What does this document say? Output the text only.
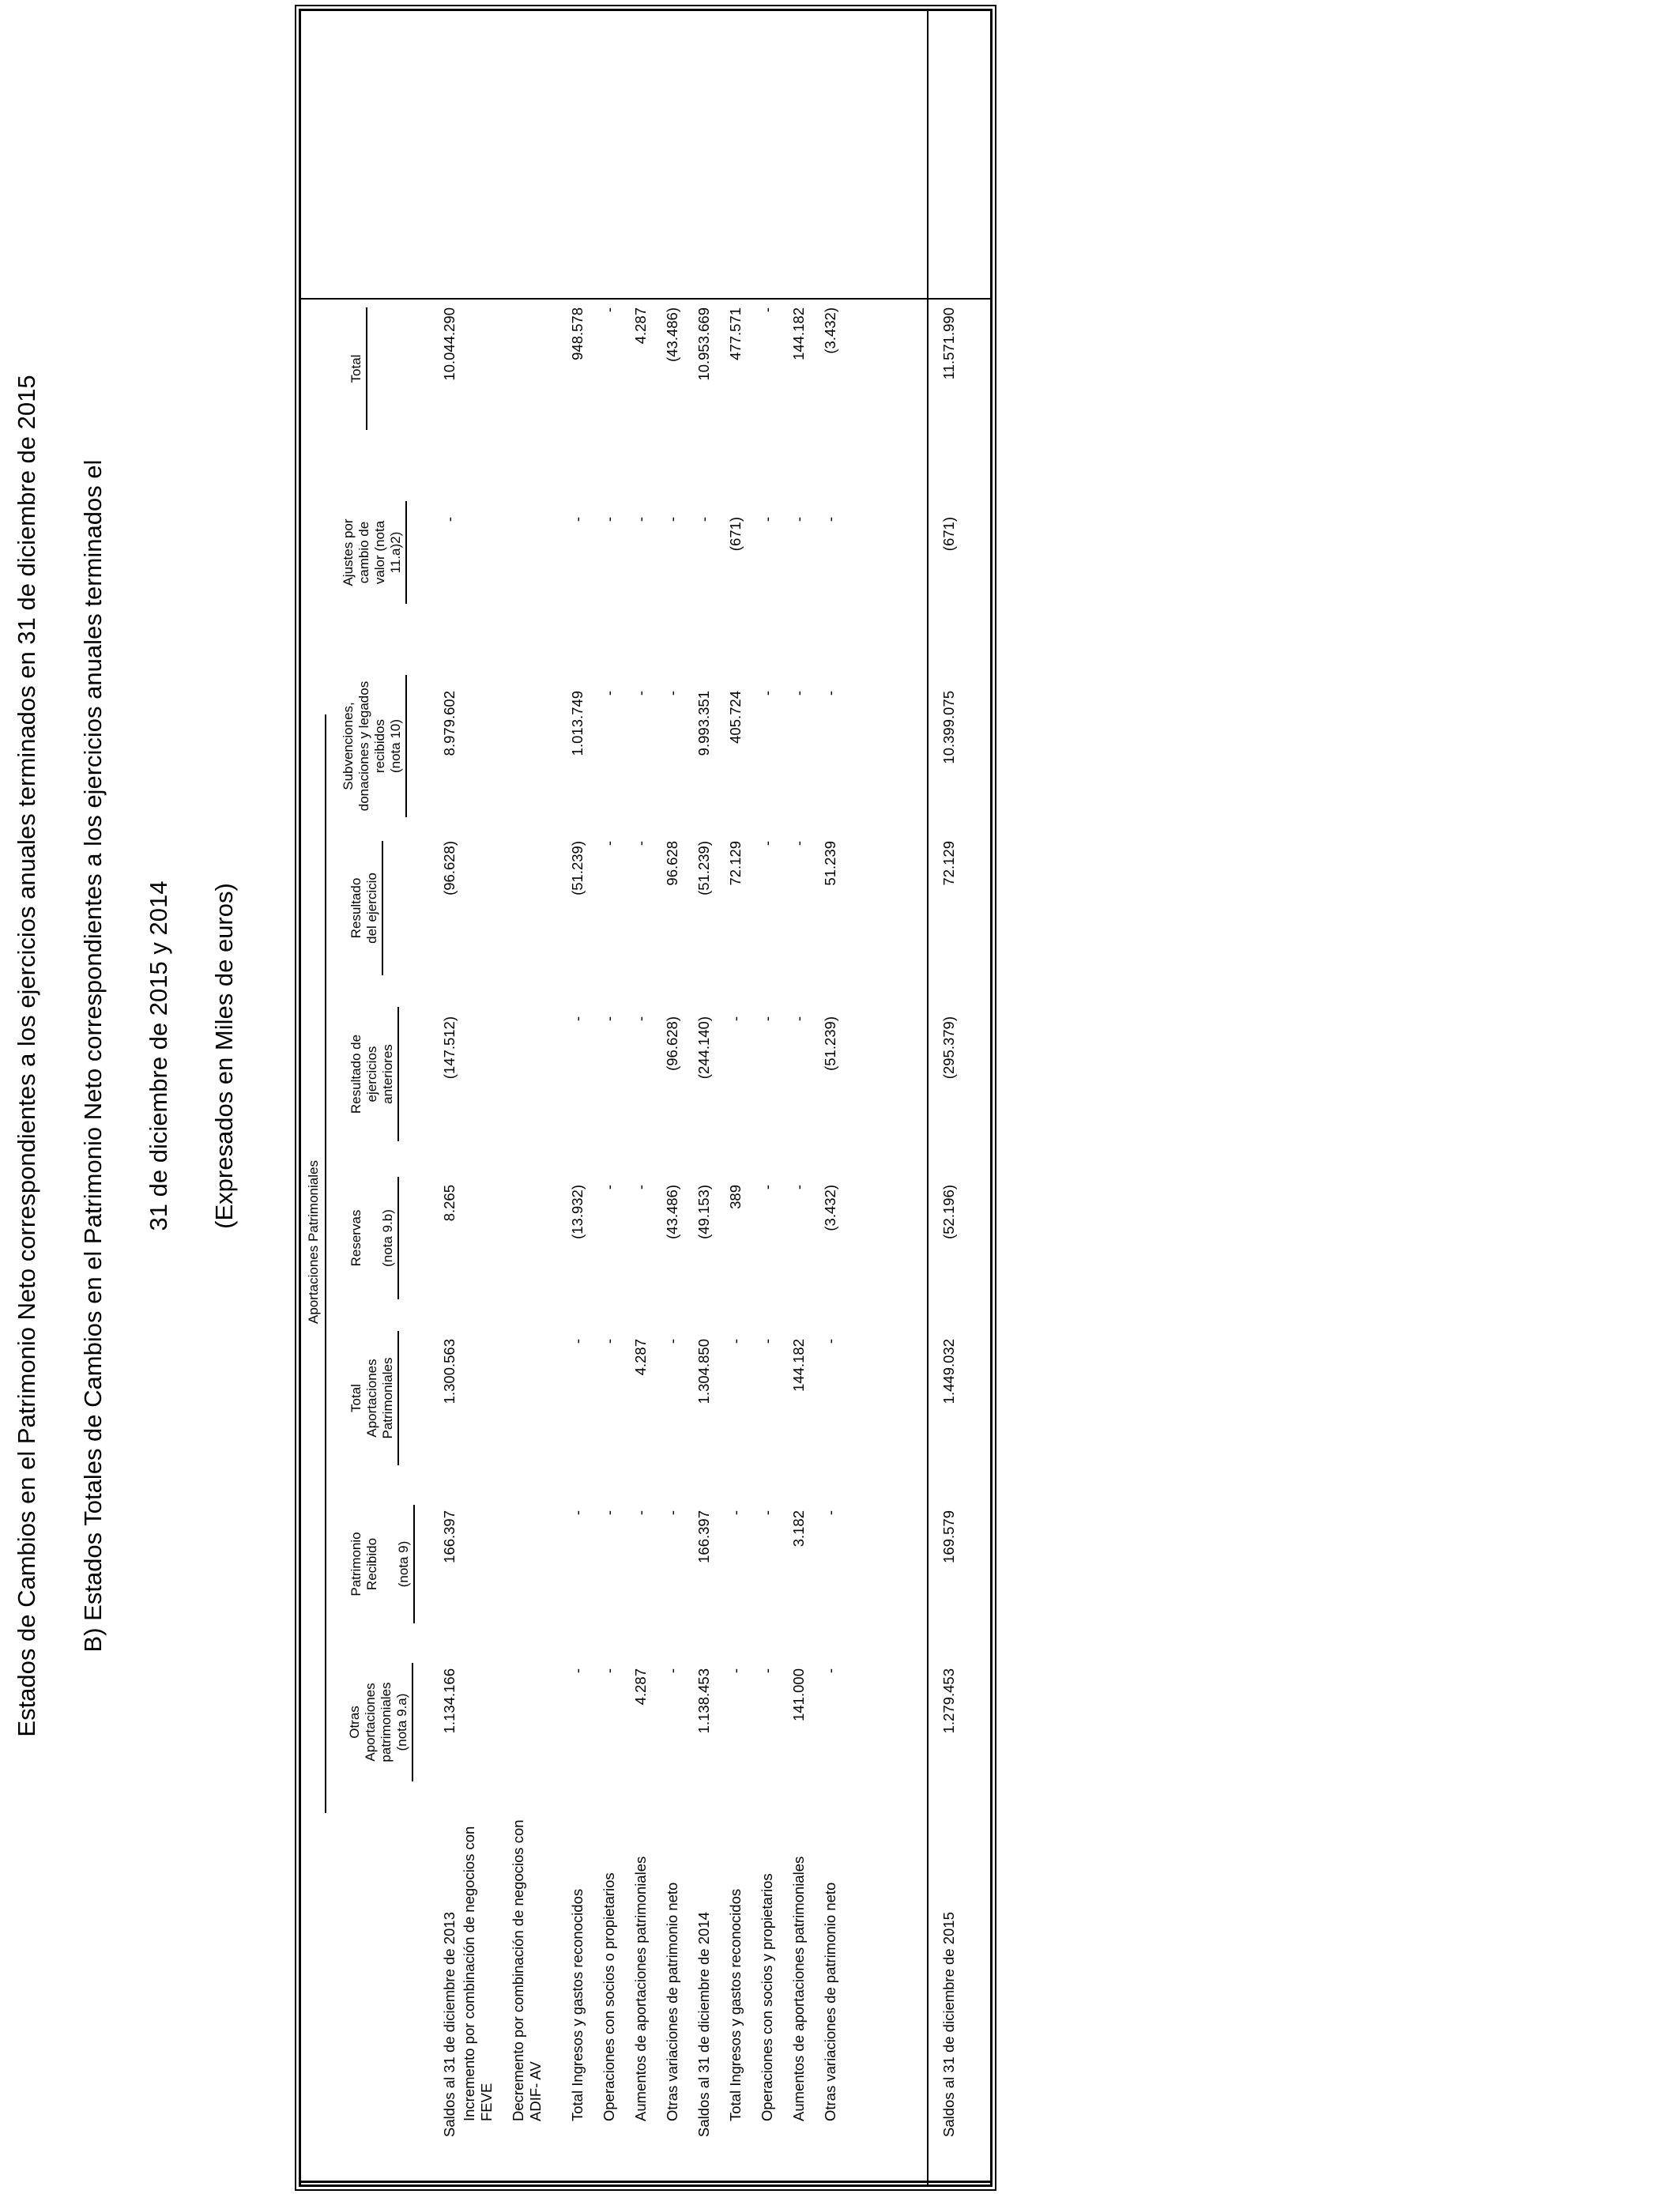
Estados de Cambios en el Patrimonio Neto correspondientes a los ejercicios anuales terminados en 31 de diciembre de 2015 B) Estados Totales de Cambios en el Patrimonio Neto correspondientes a los ejercicios anuales terminados el 31 de diciembre de 2015 y 2014 (Expresados en Miles de euros)
Aportaciones Patrimoniales
Otras Aportaciones patrimoniales (nota 9.a)
Patrimonio Recibido
(nota 9)
Total Aportaciones Patrimoniales
Reservas
(nota 9.b)
Resultado de ejercicios anteriores
Resultado del ejercicio
Subvenciones, donaciones y legados recibidos (nota 10)
Ajustes por cambio de valor (nota 11.a)2)
Total
Saldos al 31 de diciembre de 2013
1.134.166
166.397
1.300.563
8.265
(147.512)
(96.628)
8.979.602
-
10.044.290
Incremento por combinación de negocios con FEVE

Decremento por combinación de negocios con ADIF- AV

	Total Ingresos y gastos reconocidos
-
-
-
(13.932)
-
(51.239)
1.013.749
-
948.578
Operaciones con socios o propietarios
-
-
-
-
-
-
-
-
-
Aumentos de aportaciones patrimoniales
4.287
-
4.287
-
-
-
-
-
4.287
Otras variaciones de patrimonio neto
-
-
-
(43.486)
(96.628)
96.628
-
-
(43.486)
Saldos al 31 de diciembre de 2014
1.138.453
166.397
1.304.850
(49.153)
(244.140)
(51.239)
9.993.351
-
10.953.669
Total Ingresos y gastos reconocidos
-
-
-
389
-
72.129
405.724
(671)
477.571
Operaciones con socios y propietarios
-
-
-
-
-
-
-
-
-
Aumentos de aportaciones patrimoniales
141.000
3.182
144.182
-
-
-
-
-
144.182
Otras variaciones de patrimonio neto
-
-
-
(3.432)
(51.239)
51.239
-
-
(3.432)
Saldos al 31 de diciembre de 2015
1.279.453
169.579
1.449.032
(52.196)
(295.379)
72.129
10.399.075
(671)
11.571.990
